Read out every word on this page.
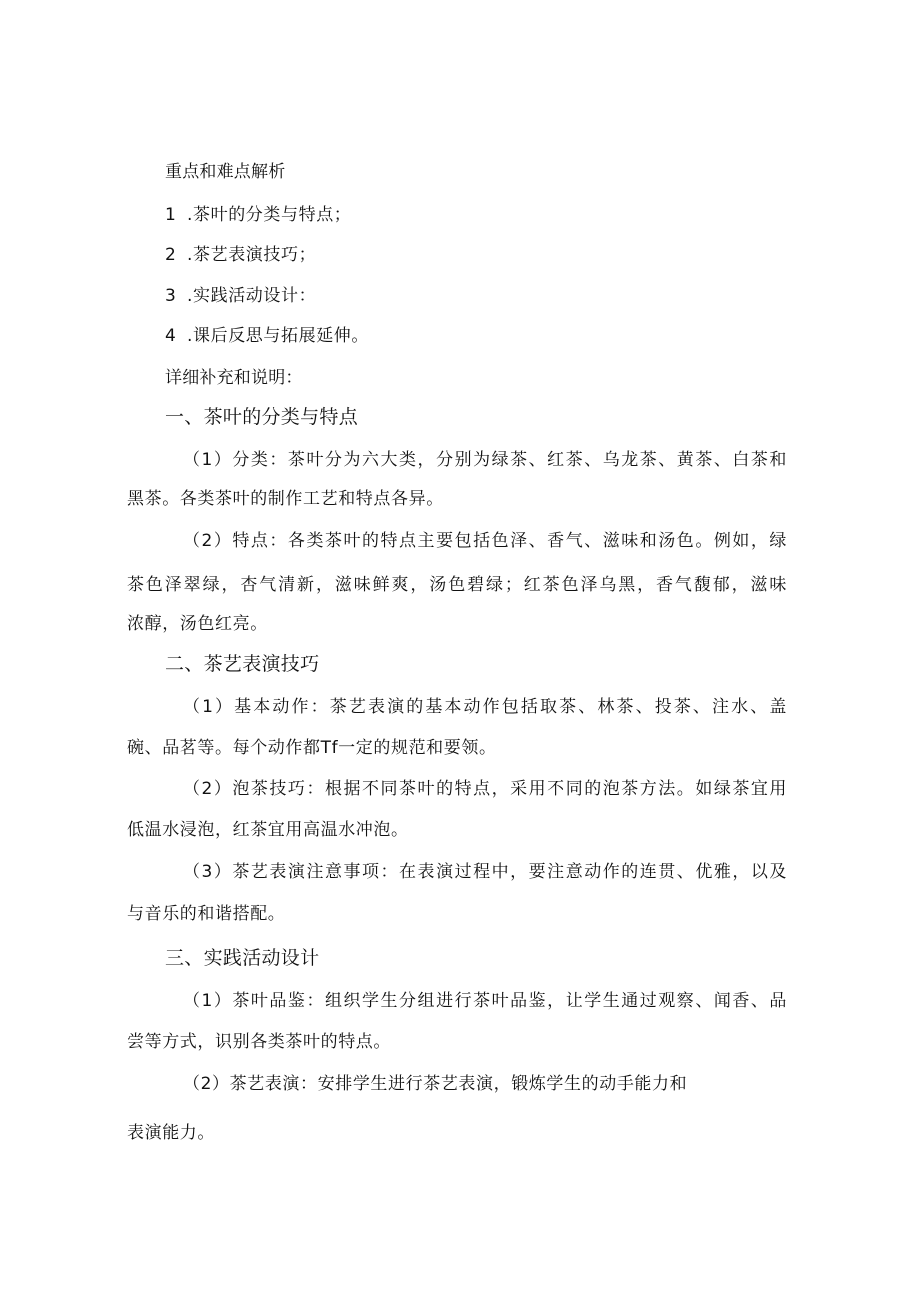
重点和难点解析
1 .茶叶的分类与特点；
2 .茶艺表演技巧；
3 .实践活动设计：
4 .课后反思与拓展延伸。
详细补充和说明：
一、茶叶的分类与特点
（1）分类：茶叶分为六大类，分别为绿茶、红茶、乌龙茶、黄茶、白茶和
黑茶。各类茶叶的制作工艺和特点各异。
（2）特点：各类茶叶的特点主要包括色泽、香气、滋味和汤色。例如，绿
茶色泽翠绿，杏气清新，滋味鲜爽，汤色碧绿；红茶色泽乌黑，香气馥郁，滋味
浓醇，汤色红亮。
二、茶艺表演技巧
（1）基本动作：茶艺表演的基本动作包括取茶、林茶、投茶、注水、盖
碗、品茗等。每个动作都Tf一定的规范和要领。
（2）泡茶技巧：根据不同茶叶的特点，采用不同的泡茶方法。如绿茶宜用
低温水浸泡，红茶宜用高温水冲泡。
（3）茶艺表演注意事项：在表演过程中，要注意动作的连贯、优雅，以及
与音乐的和谐搭配。
三、实践活动设计
（1）茶叶品鉴：组织学生分组进行茶叶品鉴，让学生通过观察、闻香、品
尝等方式，识别各类茶叶的特点。
（2）茶艺表演：安排学生进行茶艺表演，锻炼学生的动手能力和
表演能力。
